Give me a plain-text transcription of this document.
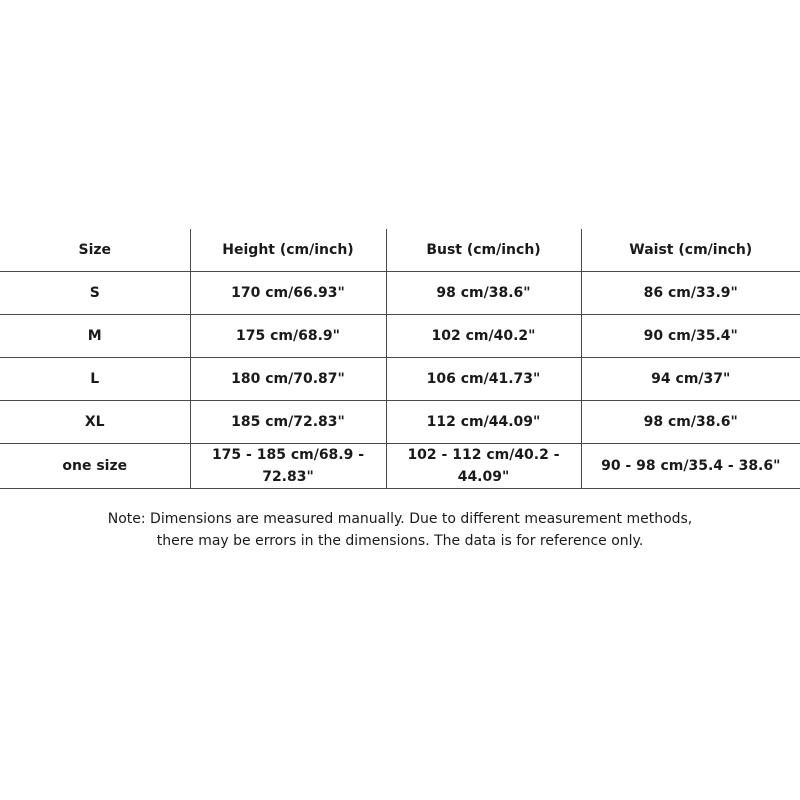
Size	Height (cm/inch)	Bust (cm/inch)	Waist (cm/inch)
S	170 cm/66.93"	98 cm/38.6"	86 cm/33.9"
M	175 cm/68.9"	102 cm/40.2"	90 cm/35.4"
L	180 cm/70.87"	106 cm/41.73"	94 cm/37"
XL	185 cm/72.83"	112 cm/44.09"	98 cm/38.6"
one size	175 - 185 cm/68.9 - 72.83"	102 - 112 cm/40.2 - 44.09"	90 - 98 cm/35.4 - 38.6"
Note: Dimensions are measured manually. Due to different measurement methods,
there may be errors in the dimensions. The data is for reference only.
